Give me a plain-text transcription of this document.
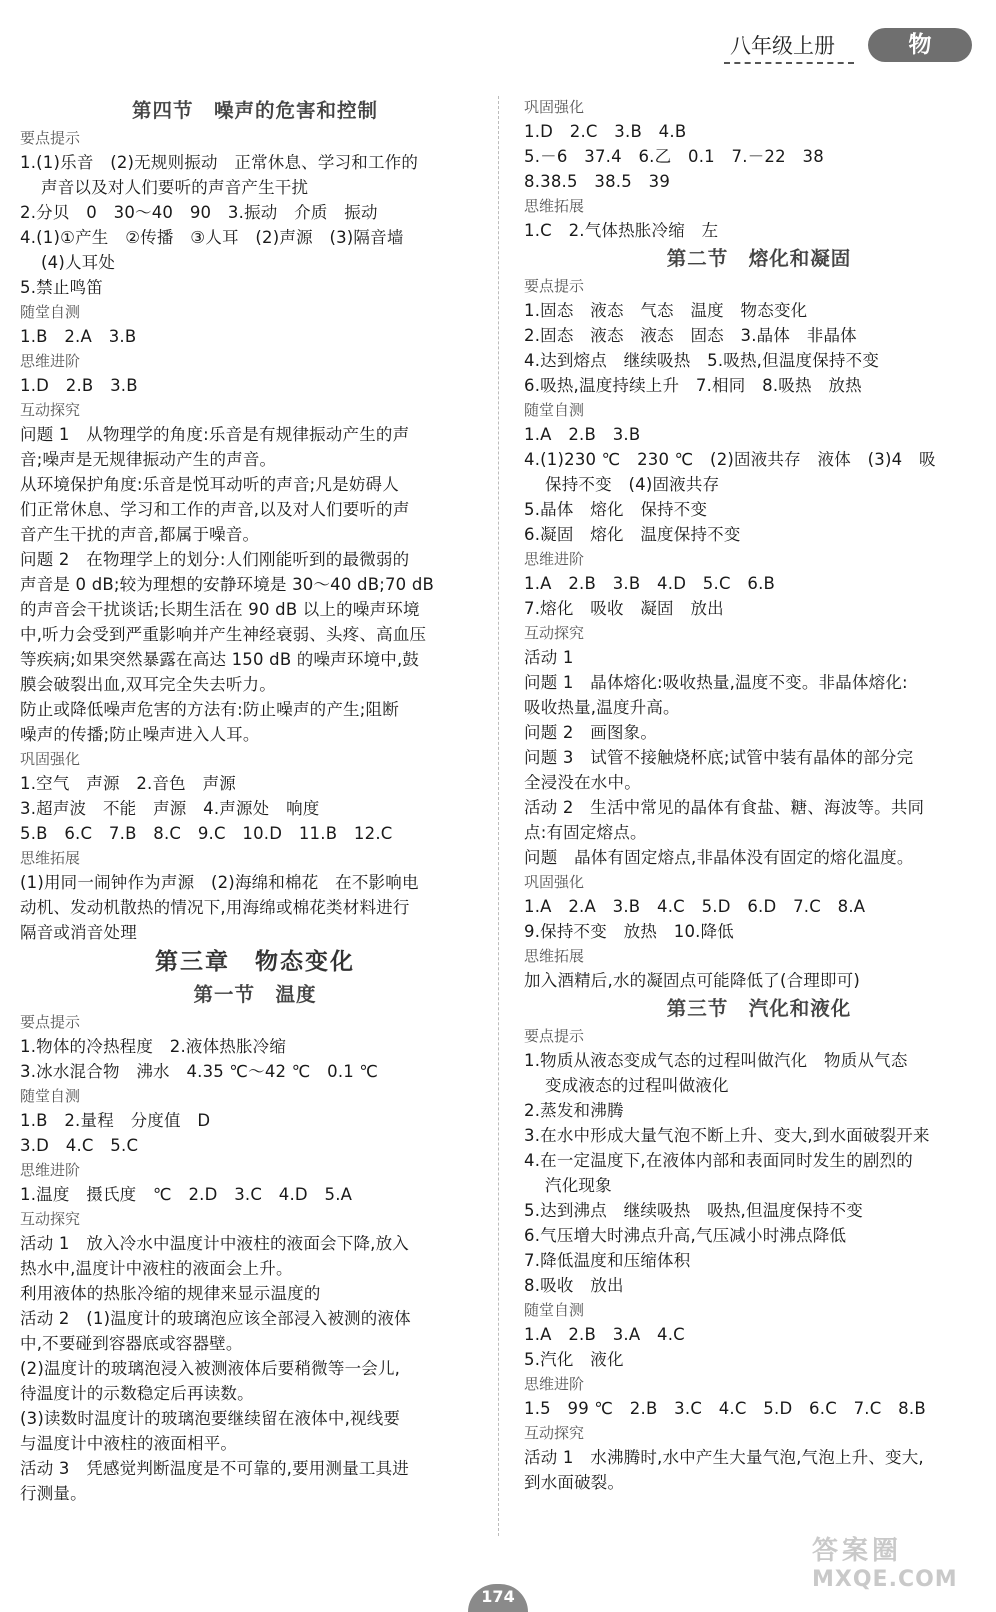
八年级上册	物 理
第四节　噪声的危害和控制
要点提示
1.(1)乐音　(2)无规则振动　正常休息、学习和工作的
声音以及对人们要听的声音产生干扰
2.分贝　0　30～40　90　3.振动　介质　振动
4.(1)①产生　②传播　③人耳　(2)声源　(3)隔音墙
(4)人耳处
5.禁止鸣笛
随堂自测
1.B　2.A　3.B
思维进阶
1.D　2.B　3.B
互动探究
问题 1　从物理学的角度:乐音是有规律振动产生的声
音;噪声是无规律振动产生的声音。
从环境保护角度:乐音是悦耳动听的声音;凡是妨碍人
们正常休息、学习和工作的声音,以及对人们要听的声
音产生干扰的声音,都属于噪音。
问题 2　在物理学上的划分:人们刚能听到的最微弱的
声音是 0 dB;较为理想的安静环境是 30～40 dB;70 dB
的声音会干扰谈话;长期生活在 90 dB 以上的噪声环境
中,听力会受到严重影响并产生神经衰弱、头疼、高血压
等疾病;如果突然暴露在高达 150 dB 的噪声环境中,鼓
膜会破裂出血,双耳完全失去听力。
防止或降低噪声危害的方法有:防止噪声的产生;阻断
噪声的传播;防止噪声进入人耳。
巩固强化
1.空气　声源　2.音色　声源
3.超声波　不能　声源　4.声源处　响度
5.B　6.C　7.B　8.C　9.C　10.D　11.B　12.C
思维拓展
(1)用同一闹钟作为声源　(2)海绵和棉花　在不影响电
动机、发动机散热的情况下,用海绵或棉花类材料进行
隔音或消音处理
第三章　物态变化
第一节　温度
要点提示
1.物体的冷热程度　2.液体热胀冷缩
3.冰水混合物　沸水　4.35 ℃～42 ℃　0.1 ℃
随堂自测
1.B　2.量程　分度值　D
3.D　4.C　5.C
思维进阶
1.温度　摄氏度　℃　2.D　3.C　4.D　5.A
互动探究
活动 1　放入冷水中温度计中液柱的液面会下降,放入
热水中,温度计中液柱的液面会上升。
利用液体的热胀冷缩的规律来显示温度的
活动 2　(1)温度计的玻璃泡应该全部浸入被测的液体
中,不要碰到容器底或容器壁。
(2)温度计的玻璃泡浸入被测液体后要稍微等一会儿,
待温度计的示数稳定后再读数。
(3)读数时温度计的玻璃泡要继续留在液体中,视线要
与温度计中液柱的液面相平。
活动 3　凭感觉判断温度是不可靠的,要用测量工具进
行测量。
巩固强化
1.D　2.C　3.B　4.B
5.－6　37.4　6.乙　0.1　7.－22　38
8.38.5　38.5　39
思维拓展
1.C　2.气体热胀冷缩　左
第二节　熔化和凝固
要点提示
1.固态　液态　气态　温度　物态变化
2.固态　液态　液态　固态　3.晶体　非晶体
4.达到熔点　继续吸热　5.吸热,但温度保持不变
6.吸热,温度持续上升　7.相同　8.吸热　放热
随堂自测
1.A　2.B　3.B
4.(1)230 ℃　230 ℃　(2)固液共存　液体　(3)4　吸
保持不变　(4)固液共存
5.晶体　熔化　保持不变
6.凝固　熔化　温度保持不变
思维进阶
1.A　2.B　3.B　4.D　5.C　6.B
7.熔化　吸收　凝固　放出
互动探究
活动 1
问题 1　晶体熔化:吸收热量,温度不变。非晶体熔化:
吸收热量,温度升高。
问题 2　画图象。
问题 3　试管不接触烧杯底;试管中装有晶体的部分完
全浸没在水中。
活动 2　生活中常见的晶体有食盐、糖、海波等。共同
点:有固定熔点。
问题　晶体有固定熔点,非晶体没有固定的熔化温度。
巩固强化
1.A　2.A　3.B　4.C　5.D　6.D　7.C　8.A
9.保持不变　放热　10.降低
思维拓展
加入酒精后,水的凝固点可能降低了(合理即可)
第三节　汽化和液化
要点提示
1.物质从液态变成气态的过程叫做汽化　物质从气态
变成液态的过程叫做液化
2.蒸发和沸腾
3.在水中形成大量气泡不断上升、变大,到水面破裂开来
4.在一定温度下,在液体内部和表面同时发生的剧烈的
汽化现象
5.达到沸点　继续吸热　吸热,但温度保持不变
6.气压增大时沸点升高,气压减小时沸点降低
7.降低温度和压缩体积
8.吸收　放出
随堂自测
1.A　2.B　3.A　4.C
5.汽化　液化
思维进阶
1.5　99 ℃　2.B　3.C　4.C　5.D　6.C　7.C　8.B
互动探究
活动 1　水沸腾时,水中产生大量气泡,气泡上升、变大,
到水面破裂。
答案圈
MXQE.COM
174
